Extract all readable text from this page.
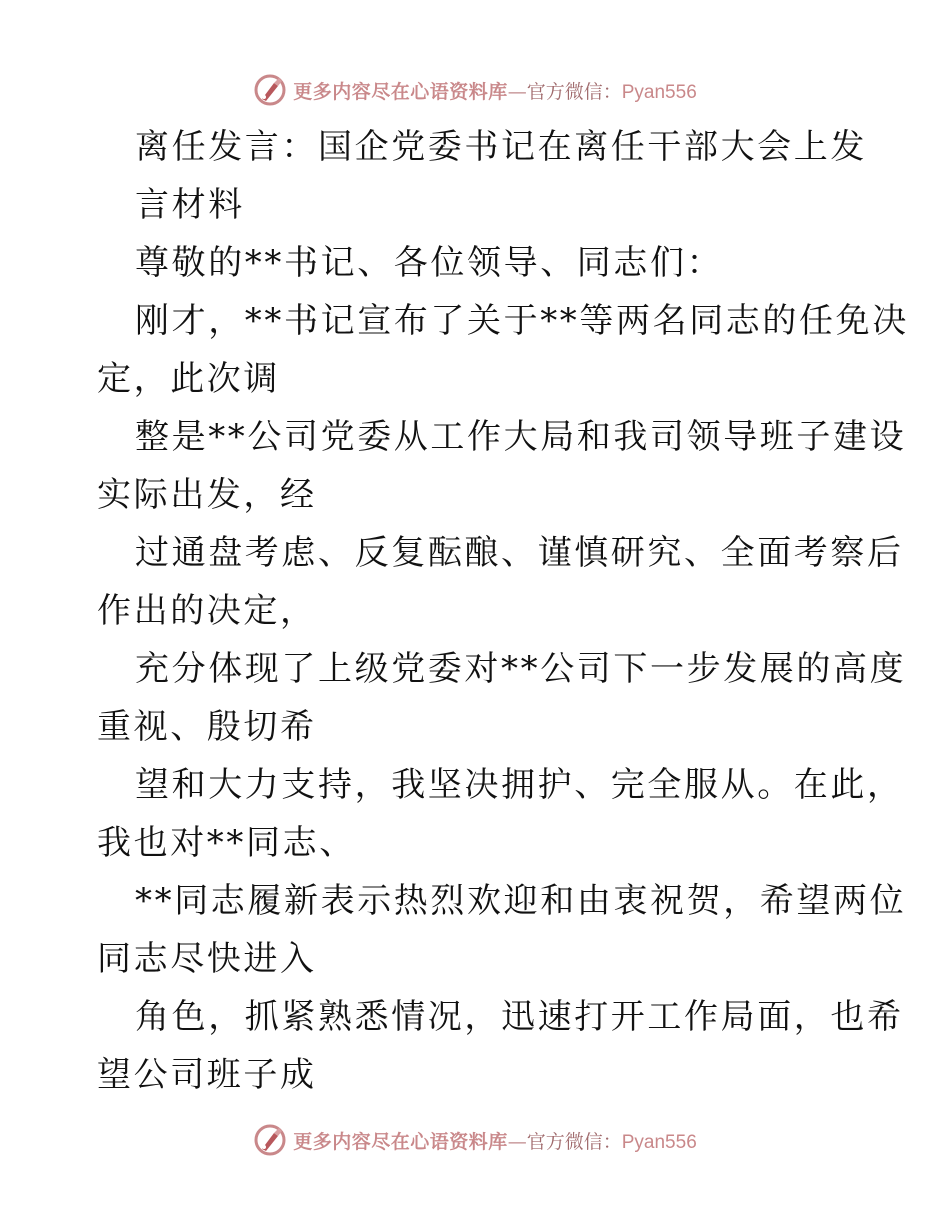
更多内容尽在心语资料库 — 官方微信： Pyan556
离任发言：国企党委书记在离任干部大会上发
言材料
尊敬的**书记、各位领导、同志们：
刚才，**书记宣布了关于**等两名同志的任免决
定，此次调
整是**公司党委从工作大局和我司领导班子建设
实际出发，经
过通盘考虑、反复酝酿、谨慎研究、全面考察后
作出的决定，
充分体现了上级党委对**公司下一步发展的高度
重视、殷切希
望和大力支持，我坚决拥护、完全服从。在此，
我也对**同志、
**同志履新表示热烈欢迎和由衷祝贺，希望两位
同志尽快进入
角色，抓紧熟悉情况，迅速打开工作局面，也希
望公司班子成
更多内容尽在心语资料库 — 官方微信： Pyan556
